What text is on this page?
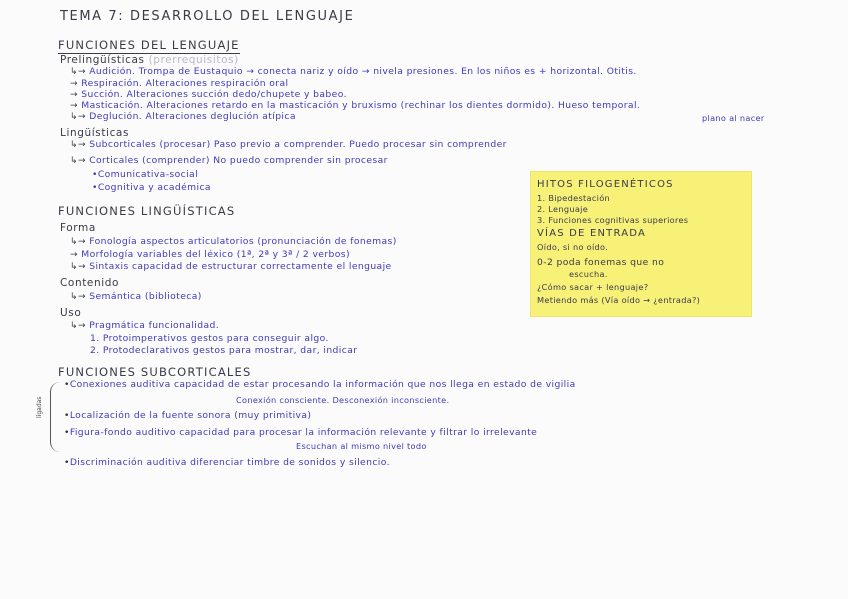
TEMA 7: DESARROLLO DEL LENGUAJE
FUNCIONES DEL LENGUAJE
Prelingüísticas (prerrequisitos)
↳→ Audición. Trompa de Eustaquio → conecta nariz y oído → nivela presiones. En los niños es + horizontal. Otitis.
→ Respiración. Alteraciones respiración oral
→ Succión. Alteraciones succión dedo/chupete y babeo.
→ Masticación. Alteraciones retardo en la masticación y bruxismo (rechinar los dientes dormido). Hueso temporal.
↳→ Deglución. Alteraciones deglución atípica	plano al nacer
Lingüísticas
↳→ Subcorticales (procesar) Paso previo a comprender. Puedo procesar sin comprender
↳→ Corticales (comprender) No puedo comprender sin procesar
•Comunicativa-social
•Cognitiva y académica
FUNCIONES LINGÜÍSTICAS
Forma
↳→ Fonología aspectos articulatorios (pronunciación de fonemas)
→ Morfología variables del léxico (1ª, 2ª y 3ª / 2 verbos)
↳→ Sintaxis capacidad de estructurar correctamente el lenguaje
Contenido
↳→ Semántica (biblioteca)
Uso
↳→ Pragmática funcionalidad.
1. Protoimperativos gestos para conseguir algo.
2. Protodeclarativos gestos para mostrar, dar, indicar
FUNCIONES SUBCORTICALES
ligadas
•Conexiones auditiva capacidad de estar procesando la información que nos llega en estado de vigilia
Conexión consciente. Desconexión inconsciente.
•Localización de la fuente sonora (muy primitiva)
•Figura-fondo auditivo capacidad para procesar la información relevante y filtrar lo irrelevante
Escuchan al mismo nivel todo
•Discriminación auditiva diferenciar timbre de sonidos y silencio.
HITOS FILOGENÉTICOS
1. Bipedestación
2. Lenguaje
3. Funciones cognitivas superiores
VÍAS DE ENTRADA
Oído, si no oído.
0-2 poda fonemas que no
escucha.
¿Cómo sacar + lenguaje?
Metiendo más (Vía oído → ¿entrada?)
